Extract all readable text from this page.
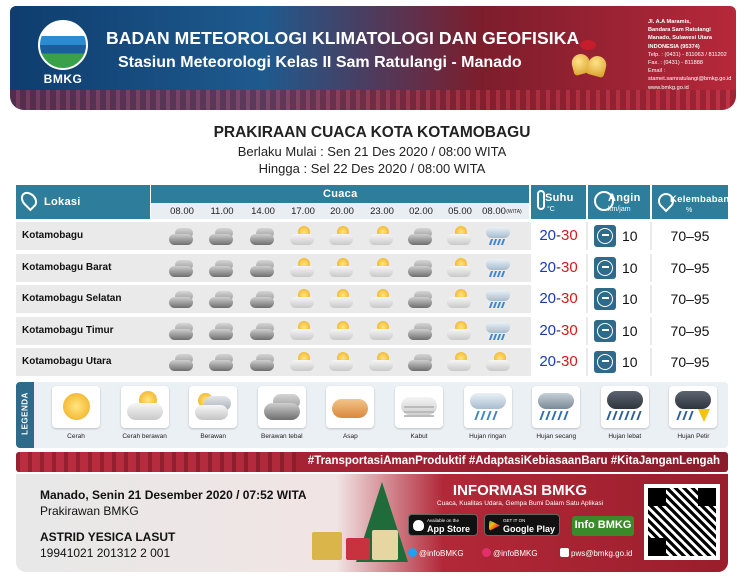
BMKG
BADAN METEOROLOGI KLIMATOLOGI DAN GEOFISIKA
Stasiun Meteorologi Kelas II Sam Ratulangi - Manado
Jl. A.A Maramis,
Bandara Sam Ratulangi
Manado, Sulawesi Utara
INDONESIA (95374)
Telp. : (0431) - 811063 / 811202
Fax. : (0431) - 811888
Email :
stamet.samratulangi@bmkg.go.id
www.bmkg.go.id
PRAKIRAAN CUACA KOTA KOTAMOBAGU
Berlaku Mulai : Sen 21 Des 2020 / 08:00 WITA
Hingga : Sel 22 Des 2020 / 08:00 WITA
Lokasi
Cuaca
08.00	11.00	14.00	17.00	20.00	23.00	02.00	05.00	08.00 (WITA)
Suhu
°C
Angin
km/jam
Kelembaban
%
Kotamobagu	20-30	10	70–95
Kotamobagu Barat	20-30	10	70–95
Kotamobagu Selatan	20-30	10	70–95
Kotamobagu Timur	20-30	10	70–95
Kotamobagu Utara	20-30	10	70–95
LEGENDA
Cerah	Cerah berawan	Berawan	Berawan tebal	Asap	Kabut	Hujan ringan	Hujan secang	Hujan lebat	Hujan Petir
#TransportasiAmanProduktif #AdaptasiKebiasaanBaru #KitaJanganLengah
Manado, Senin 21 Desember 2020 / 07:52 WITA
Prakirawan BMKG
ASTRID YESICA LASUT
19941021 201312 2 001
INFORMASI BMKG
Cuaca, Kualitas Udara, Gempa Bumi Dalam Satu Aplikasi
Available on the
App Store
GET IT ON
Google Play Info BMKG
@infoBMKG	@infoBMKG	pws@bmkg.go.id
